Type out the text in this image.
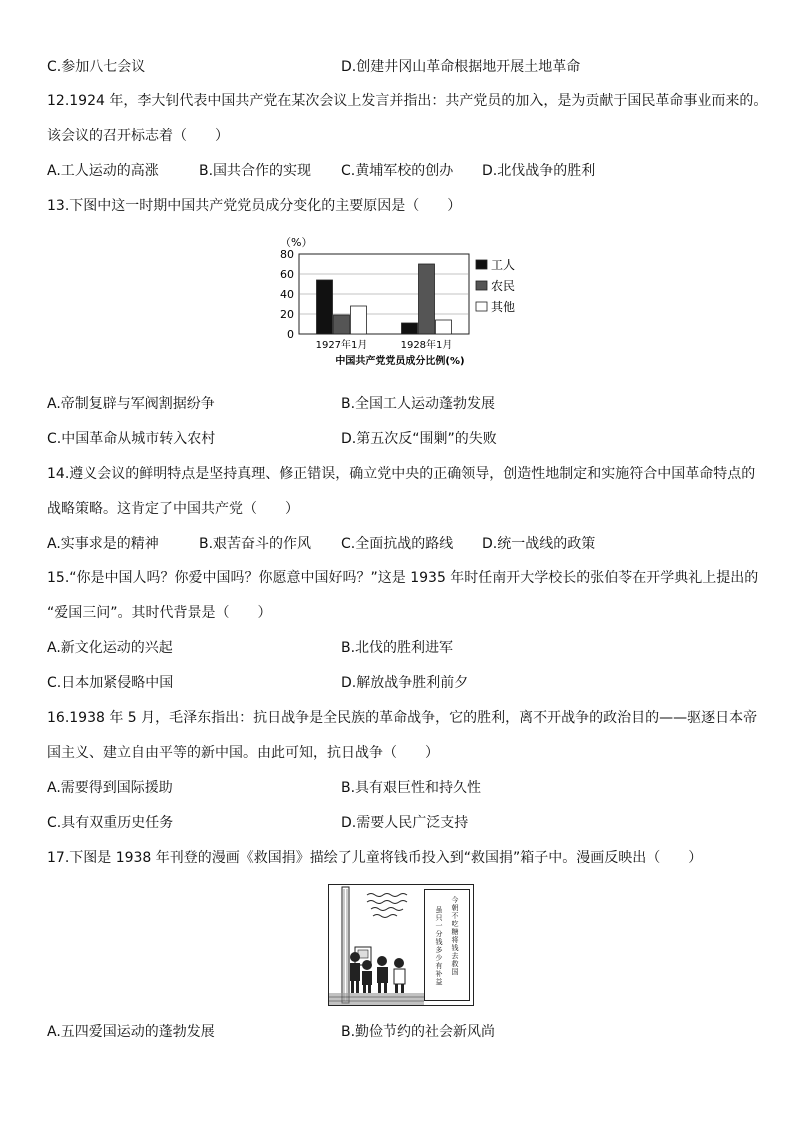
C.参加八七会议	D.创建井冈山革命根据地开展土地革命
12.1924 年，李大钊代表中国共产党在某次会议上发言并指出：共产党员的加入，是为贡献于国民革命事业而来的。
该会议的召开标志着（　　）
A.工人运动的高涨	B.国共合作的实现 C.黄埔军校的创办 D.北伐战争的胜利
13.下图中这一时期中国共产党党员成分变化的主要原因是（　　）
（%）
0
20
40
60
80
1927年1月	1928年1月
工人
农民
其他
中国共产党党员成分比例(%)
A.帝制复辟与军阀割据纷争	B.全国工人运动蓬勃发展
C.中国革命从城市转入农村	D.第五次反“围剿”的失败
14.遵义会议的鲜明特点是坚持真理、修正错误，确立党中央的正确领导，创造性地制定和实施符合中国革命特点的
战略策略。这肯定了中国共产党（　　）
A.实事求是的精神	B.艰苦奋斗的作风 C.全面抗战的路线 D.统一战线的政策
15.“你是中国人吗？你爱中国吗？你愿意中国好吗？”这是 1935 年时任南开大学校长的张伯苓在开学典礼上提出的
“爱国三问”。其时代背景是（　　）
A.新文化运动的兴起	B.北伐的胜利进军
C.日本加紧侵略中国	D.解放战争胜利前夕
16.1938 年 5 月，毛泽东指出：抗日战争是全民族的革命战争，它的胜利，离不开战争的政治目的——驱逐日本帝
国主义、建立自由平等的新中国。由此可知，抗日战争（　　）
A.需要得到国际援助	B.具有艰巨性和持久性
C.具有双重历史任务	D.需要人民广泛支持
17.下图是 1938 年刊登的漫画《救国捐》描绘了儿童将钱币投入到“救国捐”箱子中。漫画反映出（　　）
今朝不吃糖将钱去救国
虽只一分钱多少有补益
A.五四爱国运动的蓬勃发展	B.勤俭节约的社会新风尚
